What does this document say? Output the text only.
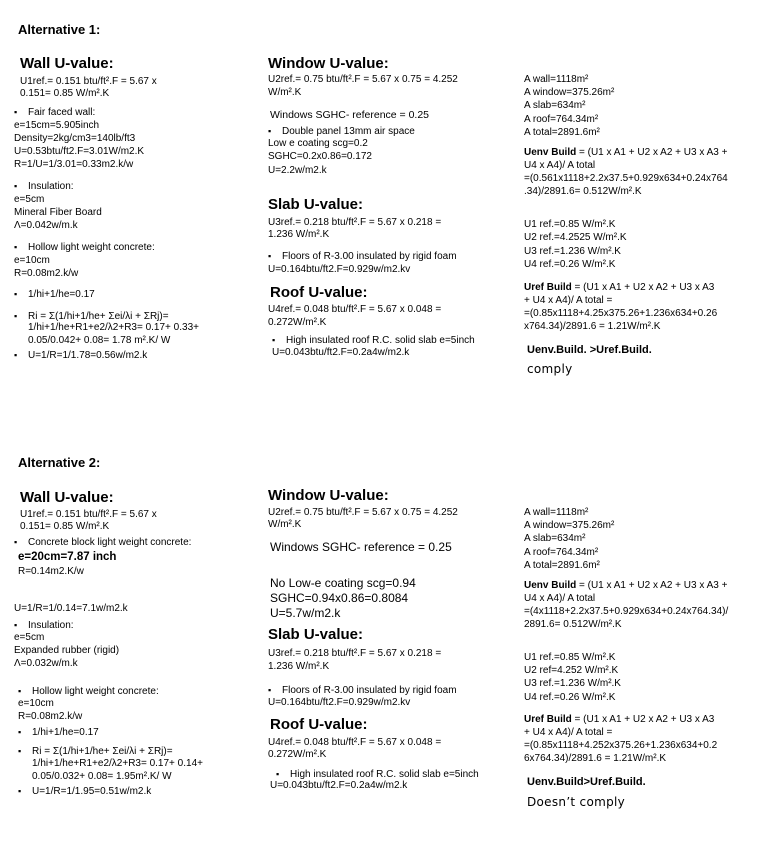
Alternative 1:
Wall U-value:
U1ref.= 0.151 btu/ft².F = 5.67 x
0.151= 0.85 W/m².K
▪ Fair faced wall:
e=15cm=5.905inch
Density=2kg/cm3=140lb/ft3
U=0.53btu/ft2.F=3.01W/m2.K
R=1/U=1/3.01=0.33m2.k/w
▪ Insulation:
e=5cm
Mineral Fiber Board
Λ=0.042w/m.k
▪ Hollow light weight concrete:
e=10cm
R=0.08m2.k/w
▪ 1/hi+1/he=0.17
▪ Ri = Σ(1/hi+1/he+ Σei/λi + ΣRj)=
1/hi+1/he+R1+e2/λ2+R3= 0.17+ 0.33+
0.05/0.042+ 0.08= 1.78 m².K/ W
▪ U=1/R=1/1.78=0.56w/m2.k
Window U-value:
U2ref.= 0.75 btu/ft².F = 5.67 x 0.75 = 4.252
W/m².K
Windows SGHC- reference = 0.25
▪ Double panel 13mm air space
Low e coating scg=0.2
SGHC=0.2x0.86=0.172
U=2.2w/m2.k
Slab U-value:
U3ref.= 0.218 btu/ft².F = 5.67 x 0.218 =
1.236 W/m².K
▪ Floors of R-3.00 insulated by rigid foam
U=0.164btu/ft2.F=0.929w/m2.kv
Roof U-value:
U4ref.= 0.048 btu/ft².F = 5.67 x 0.048 =
0.272W/m².K
▪ High insulated roof R.C. solid slab e=5inch
U=0.043btu/ft2.F=0.2a4w/m2.k
A wall=1118m²
A window=375.26m²
A slab=634m²
A roof=764.34m²
A total=2891.6m²
Uenv Build = (U1 x A1 + U2 x A2 + U3 x A3 +
U4 x A4)/ A total
=(0.561x1118+2.2x37.5+0.929x634+0.24x764
.34)/2891.6= 0.512W/m².K
U1 ref.=0.85 W/m².K
U2 ref.=4.2525 W/m².K
U3 ref.=1.236 W/m².K
U4 ref.=0.26 W/m².K
Uref Build = (U1 x A1 + U2 x A2 + U3 x A3
+ U4 x A4)/ A total =
=(0.85x1118+4.25x375.26+1.236x634+0.26
x764.34)/2891.6 = 1.21W/m².K
Uenv.Build. >Uref.Build.
comply
Alternative 2:
Wall U-value:
U1ref.= 0.151 btu/ft².F = 5.67 x
0.151= 0.85 W/m².K
▪ Concrete block light weight concrete:
e=20cm=7.87 inch
R=0.14m2.K/w
U=1/R=1/0.14=7.1w/m2.k
▪ Insulation:
e=5cm
Expanded rubber (rigid)
Λ=0.032w/m.k
▪ Hollow light weight concrete:
e=10cm
R=0.08m2.k/w
▪ 1/hi+1/he=0.17
▪ Ri = Σ(1/hi+1/he+ Σei/λi + ΣRj)=
1/hi+1/he+R1+e2/λ2+R3= 0.17+ 0.14+
0.05/0.032+ 0.08= 1.95m².K/ W
▪ U=1/R=1/1.95=0.51w/m2.k
Window U-value:
U2ref.= 0.75 btu/ft².F = 5.67 x 0.75 = 4.252
W/m².K
Windows SGHC- reference = 0.25
No Low-e coating scg=0.94
SGHC=0.94x0.86=0.8084
U=5.7w/m2.k
Slab U-value:
U3ref.= 0.218 btu/ft².F = 5.67 x 0.218 =
1.236 W/m².K
▪ Floors of R-3.00 insulated by rigid foam
U=0.164btu/ft2.F=0.929w/m2.kv
Roof U-value:
U4ref.= 0.048 btu/ft².F = 5.67 x 0.048 =
0.272W/m².K
▪ High insulated roof R.C. solid slab e=5inch
U=0.043btu/ft2.F=0.2a4w/m2.k
A wall=1118m²
A window=375.26m²
A slab=634m²
A roof=764.34m²
A total=2891.6m²
Uenv Build = (U1 x A1 + U2 x A2 + U3 x A3 +
U4 x A4)/ A total
=(4x1118+2.2x37.5+0.929x634+0.24x764.34)/
2891.6= 0.512W/m².K
U1 ref.=0.85 W/m².K
U2 ref=4.252 W/m².K
U3 ref.=1.236 W/m².K
U4 ref.=0.26 W/m².K
Uref Build = (U1 x A1 + U2 x A2 + U3 x A3
+ U4 x A4)/ A total =
=(0.85x1118+4.252x375.26+1.236x634+0.2
6x764.34)/2891.6 = 1.21W/m².K
Uenv.Build>Uref.Build.
Doesn’t comply
